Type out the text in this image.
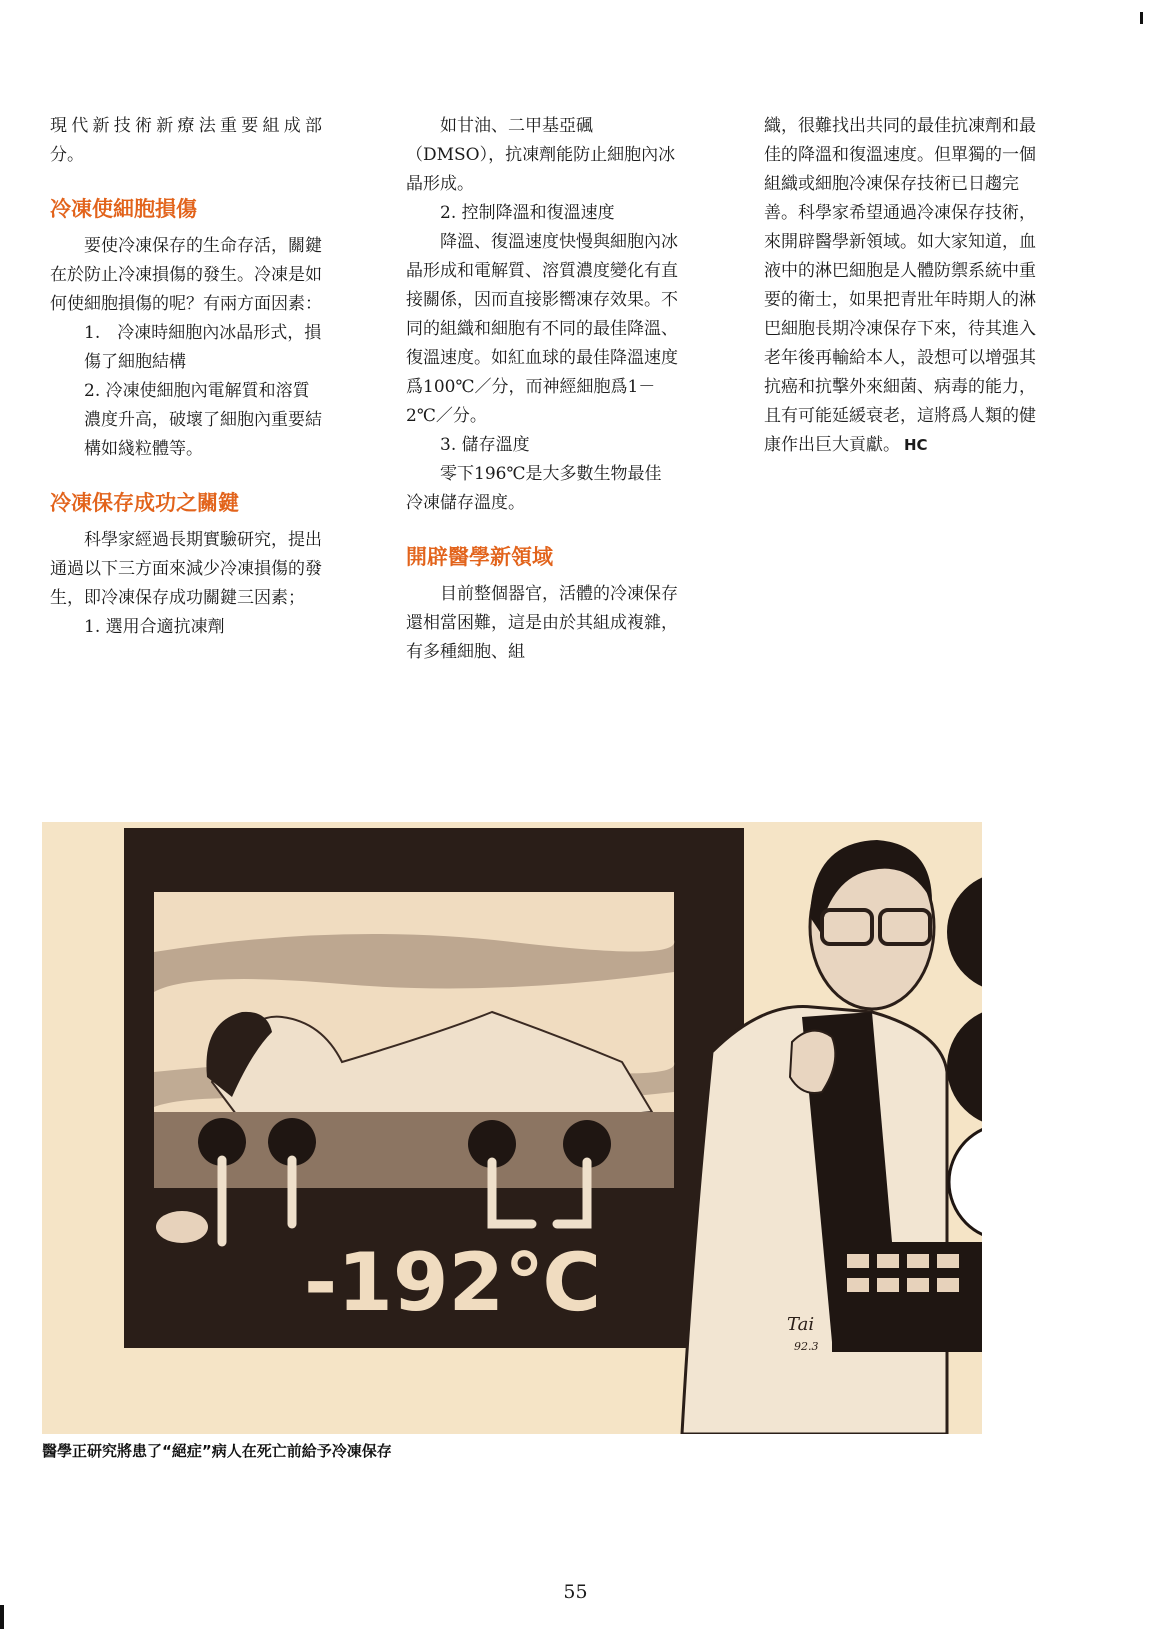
現代新技術新療法重要組成部

分。

冷凍使細胞損傷

要使冷凍保存的生命存活，關鍵在於防止冷凍損傷的發生。冷凍是如何使細胞損傷的呢？有兩方面因素：

1.　冷凍時細胞內冰晶形式，損傷了細胞結構

2. 冷凍使細胞內電解質和溶質濃度升高，破壞了細胞內重要結構如綫粒體等。

冷凍保存成功之關鍵

科學家經過長期實驗研究，提出通過以下三方面來減少冷凍損傷的發生，即冷凍保存成功關鍵三因素；

1. 選用合適抗凍劑

如甘油、二甲基亞碸（DMSO），抗凍劑能防止細胞內冰晶形成。

2. 控制降溫和復溫速度

降溫、復溫速度快慢與細胞內冰晶形成和電解質、溶質濃度變化有直接關係，因而直接影嚮凍存效果。不同的組織和細胞有不同的最佳降溫、復溫速度。如紅血球的最佳降溫速度爲100℃／分，而神經細胞爲1－2℃／分。

3. 儲存溫度

零下196℃是大多數生物最佳冷凍儲存溫度。

開辟醫學新領域

目前整個器官，活體的冷凍保存還相當困難，這是由於其組成複雜，有多種細胞、組

織，很難找出共同的最佳抗凍劑和最佳的降溫和復溫速度。但單獨的一個組織或細胞冷凍保存技術已日趨完善。科學家希望通過冷凍保存技術，來開辟醫學新領域。如大家知道，血液中的淋巴細胞是人體防禦系統中重要的衛士，如果把青壯年時期人的淋巴細胞長期冷凍保存下來，待其進入老年後再輸給本人，設想可以增强其抗癌和抗擊外來細菌、病毒的能力，且有可能延緩衰老，這將爲人類的健康作出巨大貢獻。 HC

-192℃	Tai
92.3
醫學正研究將患了“絕症”病人在死亡前給予冷凍保存
55
